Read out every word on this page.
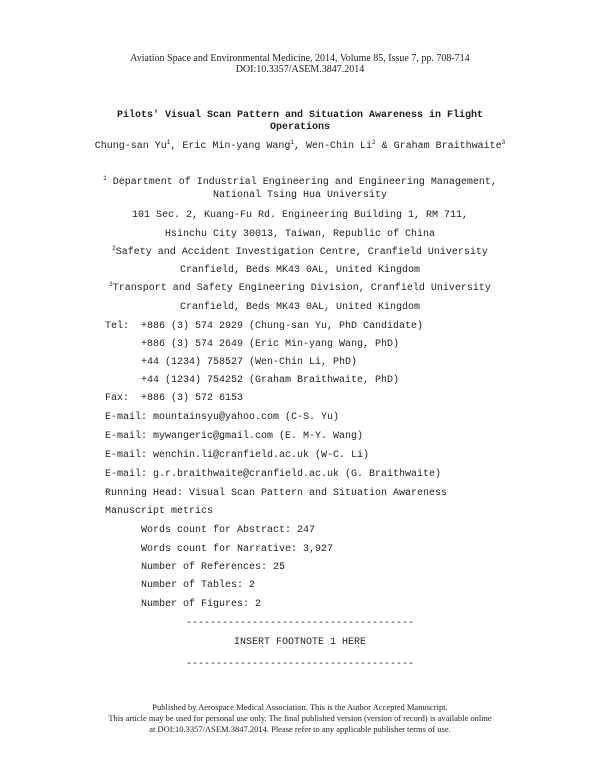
Aviation Space and Environmental Medicine, 2014, Volume 85, Issue 7, pp. 708-714
DOI:10.3357/ASEM.3847.2014
Pilots' Visual Scan Pattern and Situation Awareness in Flight
Operations
Chung-san Yu$^1$, Eric Min-yang Wang$^1$, Wen-Chin Li$^2$ & Graham Braithwaite$^3$
$^1$ Department of Industrial Engineering and Engineering Management,
National Tsing Hua University
101 Sec. 2, Kuang-Fu Rd. Engineering Building 1, RM 711,
Hsinchu City 30013, Taiwan, Republic of China
$^2$Safety and Accident Investigation Centre, Cranfield University
Cranfield, Beds MK43 0AL, United Kingdom
$^3$Transport and Safety Engineering Division, Cranfield University
Cranfield, Beds MK43 0AL, United Kingdom
Tel: +886 (3) 574 2929 (Chung-san Yu, PhD Candidate)
+886 (3) 574 2649 (Eric Min-yang Wang, PhD)
+44 (1234) 758527 (Wen-Chin Li, PhD)
+44 (1234) 754252 (Graham Braithwaite, PhD)
Fax: +886 (3) 572 6153
E-mail: mountainsyu@yahoo.com (C-S. Yu)
E-mail: mywangeric@gmail.com (E. M-Y. Wang)
E-mail: wenchin.li@cranfield.ac.uk (W-C. Li)
E-mail: g.r.braithwaite@cranfield.ac.uk (G. Braithwaite)
Running Head: Visual Scan Pattern and Situation Awareness
Manuscript metrics
Words count for Abstract: 247
Words count for Narrative: 3,927
Number of References: 25
Number of Tables: 2
Number of Figures: 2
--------------------------------------
INSERT FOOTNOTE 1 HERE
--------------------------------------
Published by Aerospace Medical Association. This is the Author Accepted Manuscript.
This article may be used for personal use only. The final published version (version of record) is available online
at DOI:10.3357/ASEM.3847.2014. Please refer to any applicable publisher terms of use.
